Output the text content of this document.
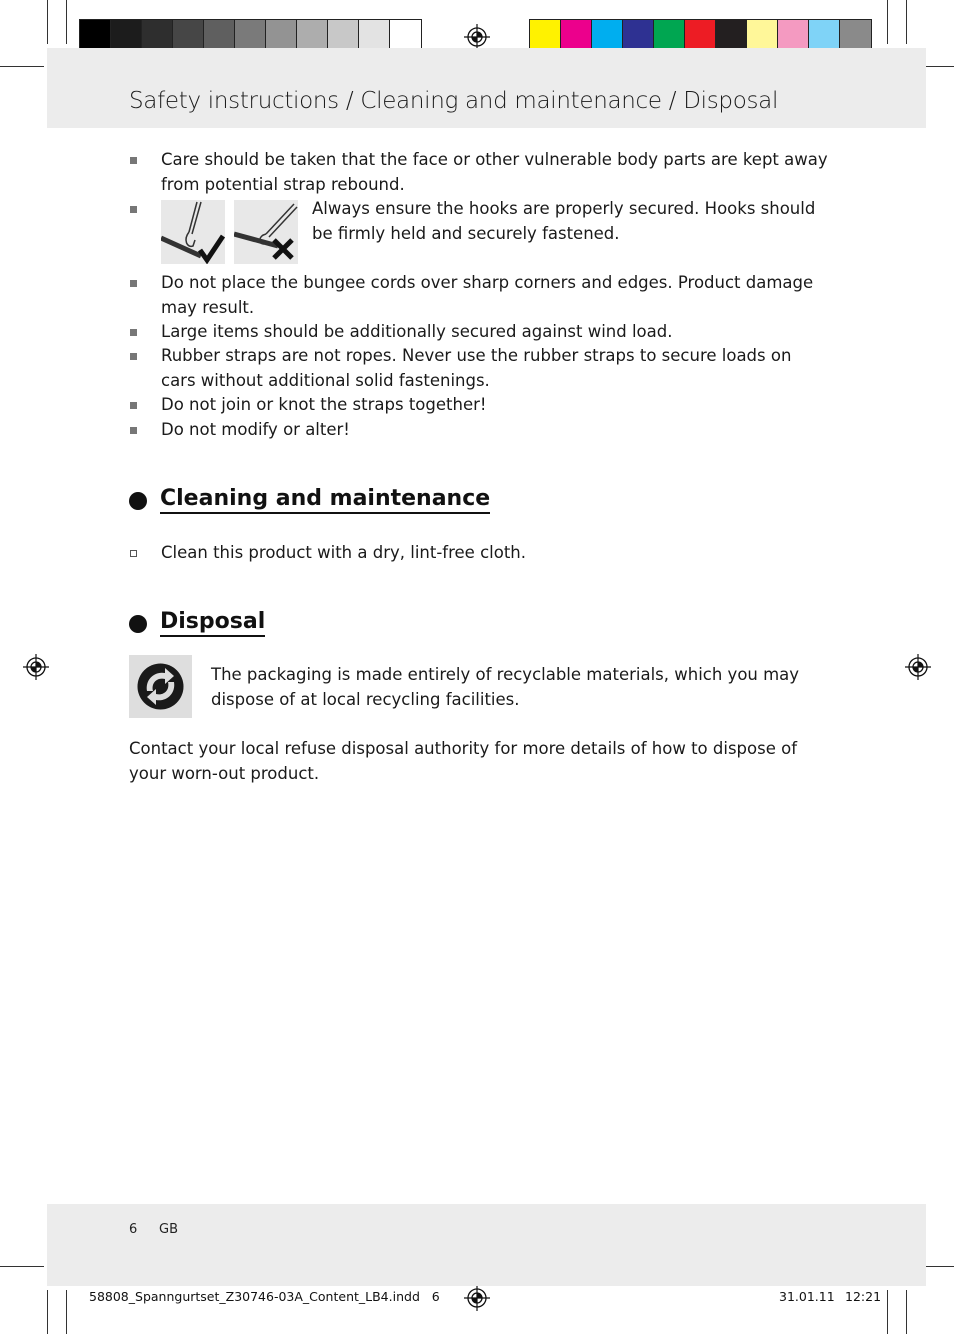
Safety instructions / Cleaning and maintenance / Disposal
Care should be taken that the face or other vulnerable body parts are kept away from potential strap rebound.
Always ensure the hooks are properly secured. Hooks should be firmly held and securely fastened.
Do not place the bungee cords over sharp corners and edges. Product damage may result.
Large items should be additionally secured against wind load.
Rubber straps are not ropes. Never use the rubber straps to secure loads on cars without additional solid fastenings.
Do not join or knot the straps together!
Do not modify or alter!
Cleaning and maintenance
Clean this product with a dry, lint-free cloth.
Disposal
The packaging is made entirely of recyclable materials, which you may dispose of at local recycling facilities.
Contact your local refuse disposal authority for more details of how to dispose of your worn-out product.
6 GB
58808_Spanngurtset_Z30746-03A_Content_LB4.indd   6	31.01.11 12:21
